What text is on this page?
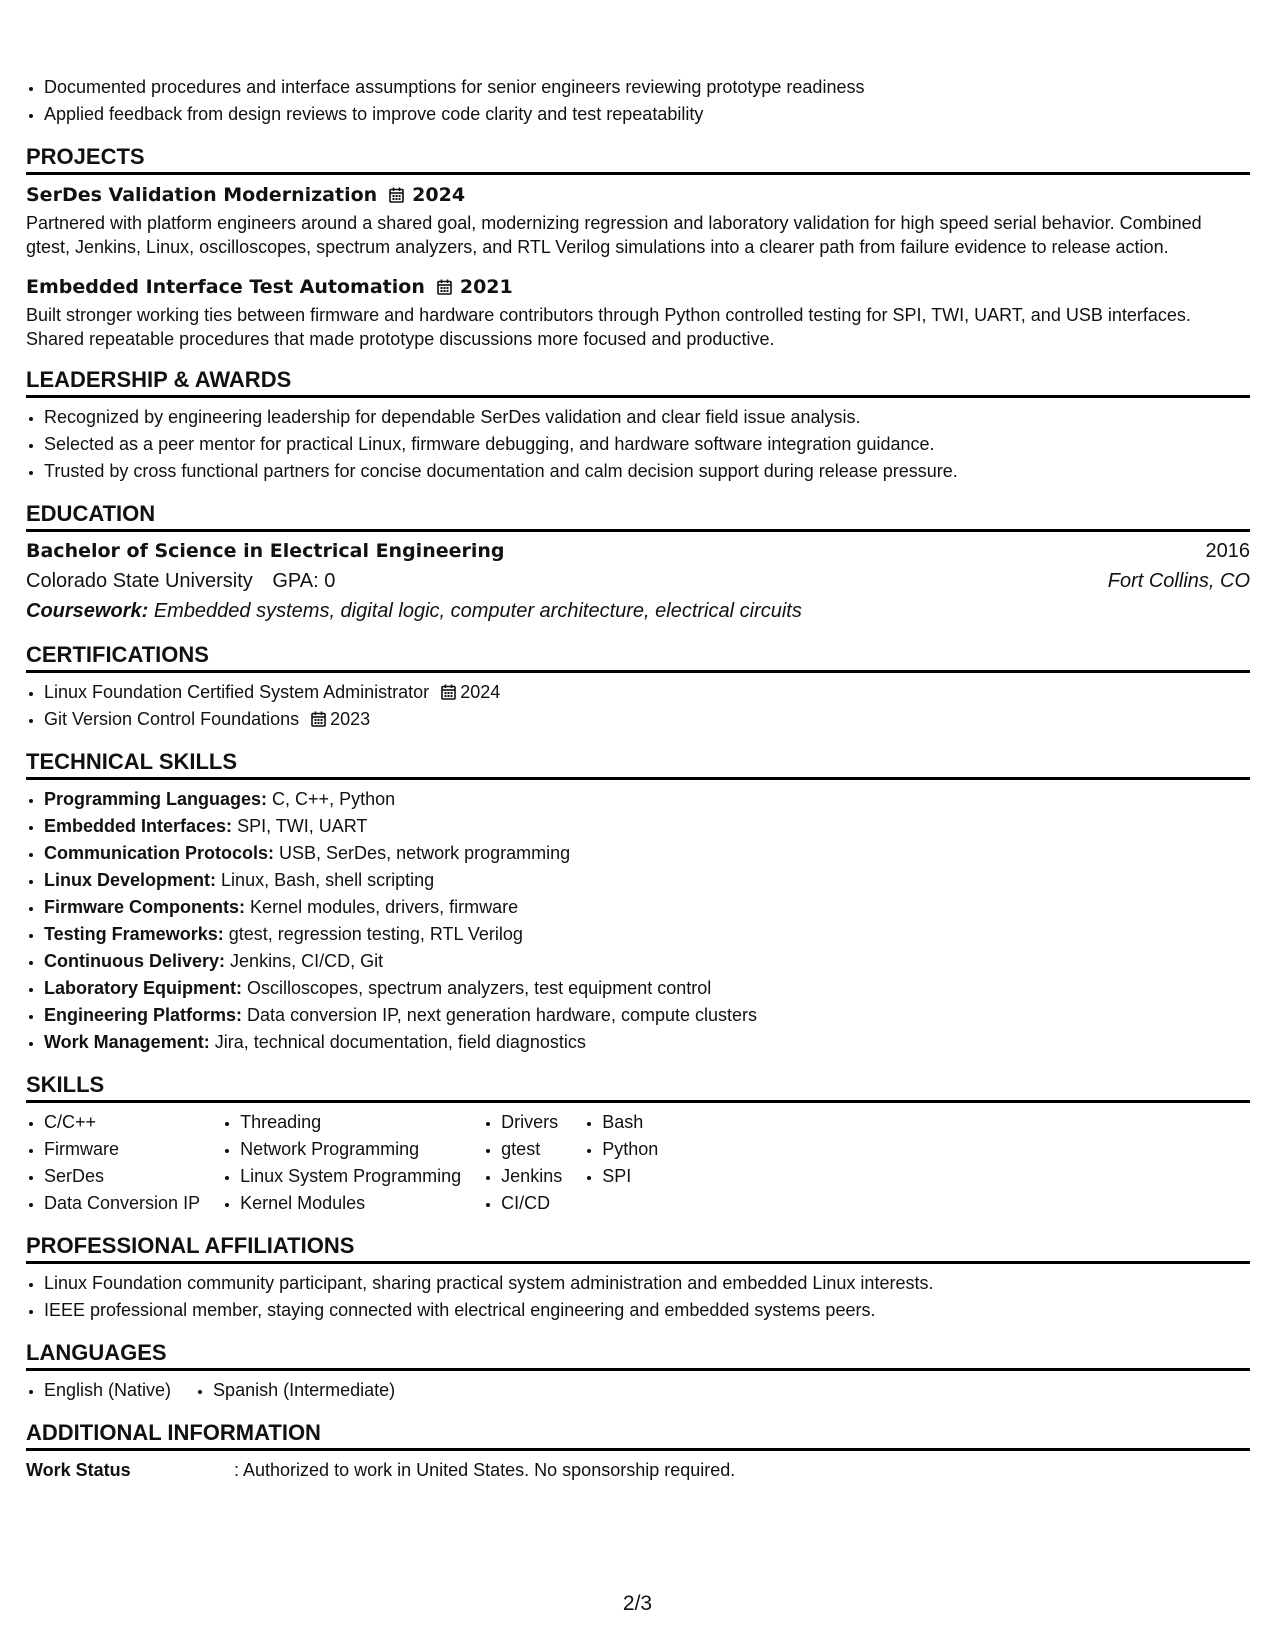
• Documented procedures and interface assumptions for senior engineers reviewing prototype readiness
• Applied feedback from design reviews to improve code clarity and test repeatability
PROJECTS
SerDes Validation Modernization 2024

Partnered with platform engineers around a shared goal, modernizing regression and laboratory validation for high speed serial behavior. Combined gtest, Jenkins, Linux, oscilloscopes, spectrum analyzers, and RTL Verilog simulations into a clearer path from failure evidence to release action.

Embedded Interface Test Automation 2021

Built stronger working ties between firmware and hardware contributors through Python controlled testing for SPI, TWI, UART, and USB interfaces. Shared repeatable procedures that made prototype discussions more focused and productive.

LEADERSHIP & AWARDS
• Recognized by engineering leadership for dependable SerDes validation and clear field issue analysis.
• Selected as a peer mentor for practical Linux, firmware debugging, and hardware software integration guidance.
• Trusted by cross functional partners for concise documentation and calm decision support during release pressure.
EDUCATION
Bachelor of Science in Electrical Engineering	2016
Colorado State University GPA: 0	Fort Collins, CO
Coursework: Embedded systems, digital logic, computer architecture, electrical circuits
CERTIFICATIONS
• Linux Foundation Certified System Administrator 2024
• Git Version Control Foundations 2023
TECHNICAL SKILLS
• Programming Languages: C, C++, Python
• Embedded Interfaces: SPI, TWI, UART
• Communication Protocols: USB, SerDes, network programming
• Linux Development: Linux, Bash, shell scripting
• Firmware Components: Kernel modules, drivers, firmware
• Testing Frameworks: gtest, regression testing, RTL Verilog
• Continuous Delivery: Jenkins, CI/CD, Git
• Laboratory Equipment: Oscilloscopes, spectrum analyzers, test equipment control
• Engineering Platforms: Data conversion IP, next generation hardware, compute clusters
• Work Management: Jira, technical documentation, field diagnostics
SKILLS
• C/C++
• Firmware
• SerDes
• Data Conversion IP
• Threading
• Network Programming
• Linux System Programming
• Kernel Modules
• Drivers
• gtest
• Jenkins
• CI/CD
• Bash
• Python
• SPI
PROFESSIONAL AFFILIATIONS
• Linux Foundation community participant, sharing practical system administration and embedded Linux interests.
• IEEE professional member, staying connected with electrical engineering and embedded systems peers.
LANGUAGES
• English (Native)
• Spanish (Intermediate)
ADDITIONAL INFORMATION
Work Status	: Authorized to work in United States. No sponsorship required.
2/3
